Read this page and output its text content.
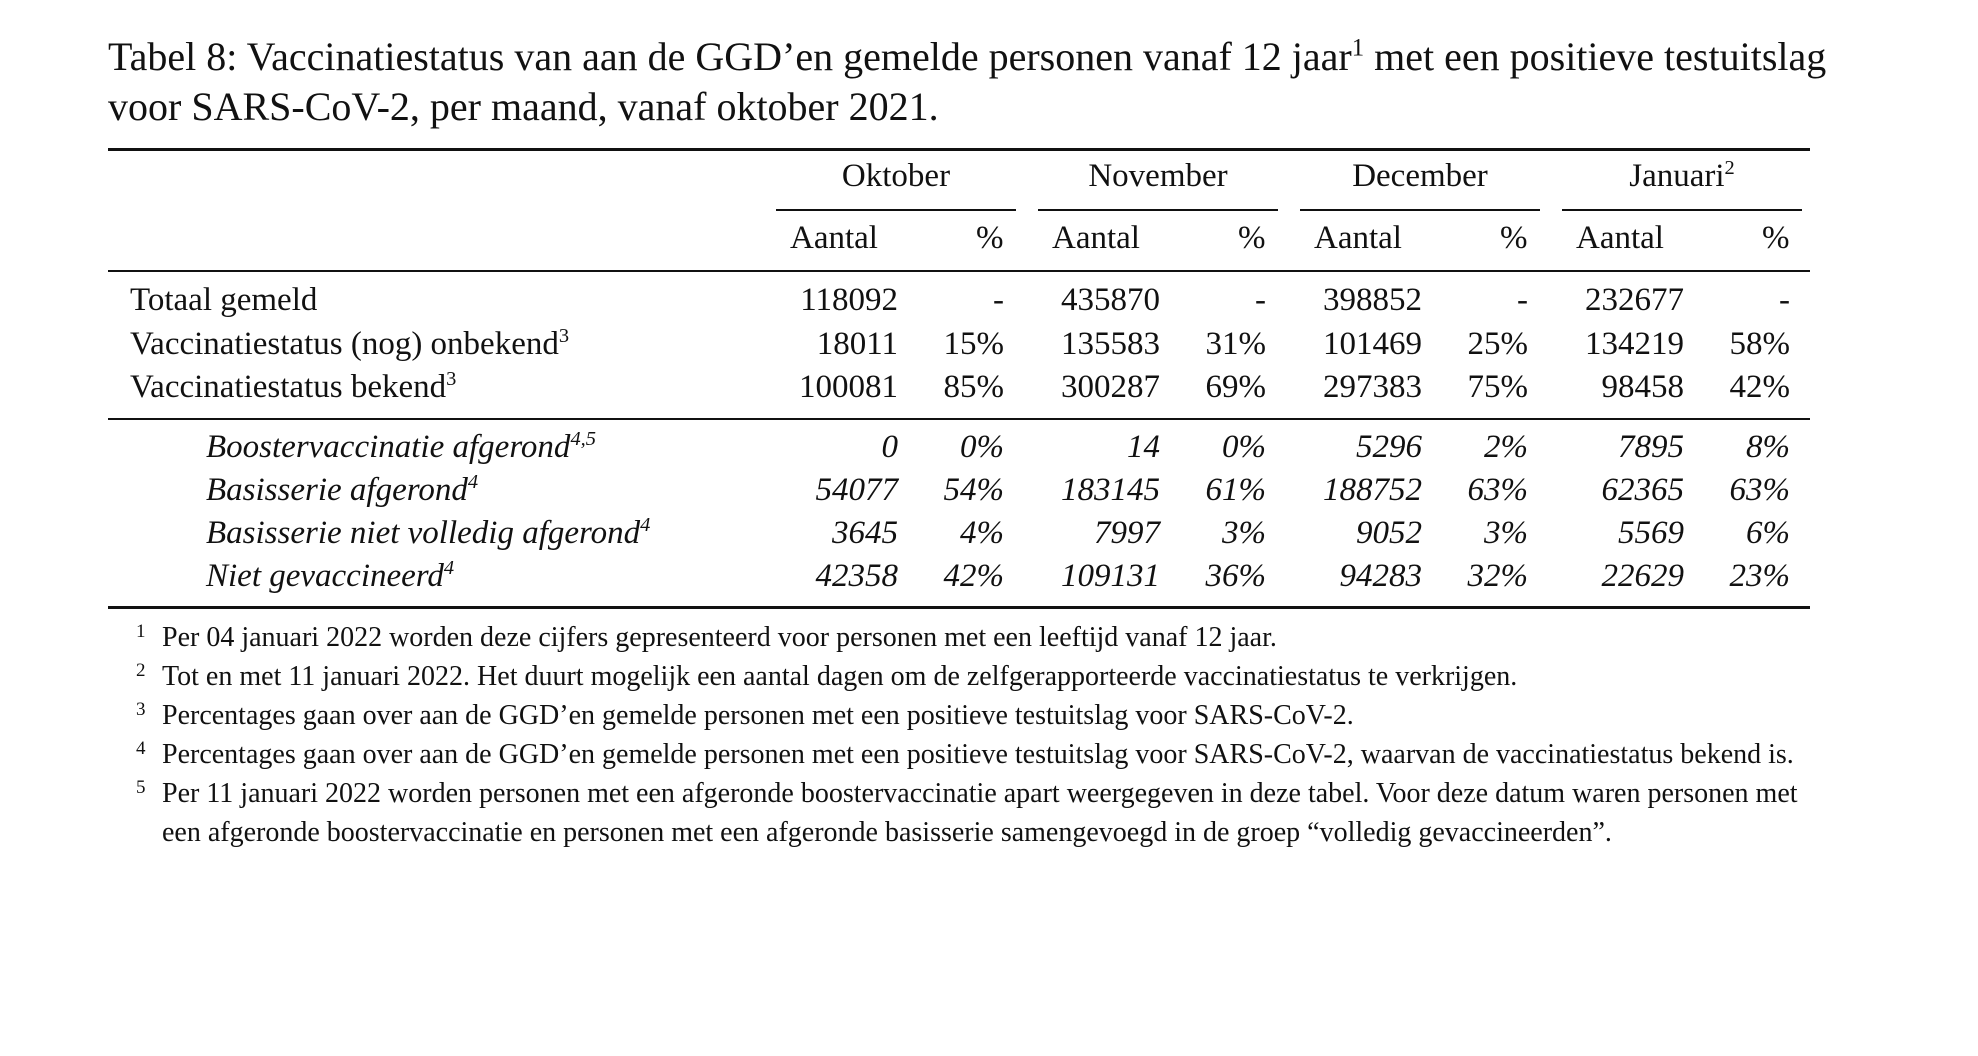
Tabel 8: Vaccinatiestatus van aan de GGD’en gemelde personen vanaf 12 jaar$^1$ met een positieve testuitslag voor SARS-CoV-2, per maand, vanaf oktober 2021.
Oktober	November	December	Januari$^2$
Aantal	% Aantal	% Aantal	% Aantal	%
Totaal gemeld	118092	-	435870	-	398852	-	232677	-
Vaccinatiestatus (nog) onbekend$^3$	18011	15%	135583	31%	101469	25%	134219	58%
Vaccinatiestatus bekend$^3$	100081	85%	300287	69%	297383	75%	98458	42%
Boostervaccinatie afgerond$^{4,5}$	0	0%	14	0%	5296	2%	7895	8%
Basisserie afgerond$^4$	54077	54%	183145	61%	188752	63%	62365	63%
Basisserie niet volledig afgerond$^4$	3645	4%	7997	3%	9052	3%	5569	6%
Niet gevaccineerd$^4$	42358	42%	109131	36%	94283	32%	22629	23%
1 Per 04 januari 2022 worden deze cijfers gepresenteerd voor personen met een leeftijd vanaf 12 jaar.
2 Tot en met 11 januari 2022. Het duurt mogelijk een aantal dagen om de zelfgerapporteerde vaccinatiestatus te verkrijgen.
3 Percentages gaan over aan de GGD’en gemelde personen met een positieve testuitslag voor SARS-CoV-2.
4 Percentages gaan over aan de GGD’en gemelde personen met een positieve testuitslag voor SARS-CoV-2, waarvan de vaccinatiestatus bekend is.
5 Per 11 januari 2022 worden personen met een afgeronde boostervaccinatie apart weergegeven in deze tabel. Voor deze datum waren personen met een afgeronde boostervaccinatie en personen met een afgeronde basisserie samengevoegd in de groep “volledig gevaccineerden”.
